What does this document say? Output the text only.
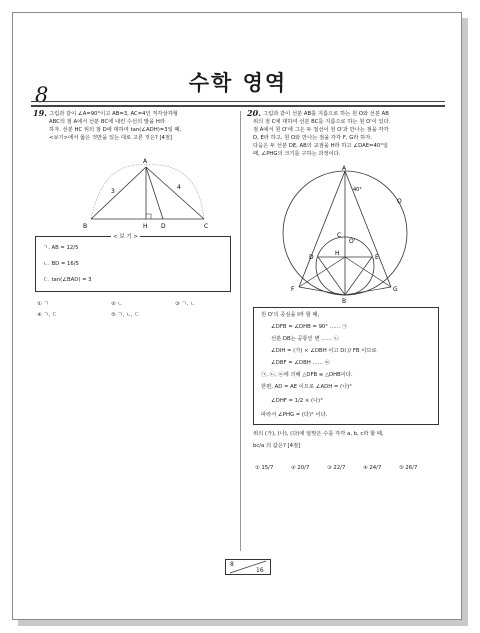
8	수학 영역
19. 그림과 같이 ∠A=90°이고 AB=3, AC=4인 직각삼각형
ABC의 점 A에서 선분 BC에 내린 수선의 발을 H라
하자. 선분 HC 위의 점 D에 대하여 tan(∠ADH)=3일 때,
<보기>에서 옳은 것만을 있는 대로 고른 것은? [4점]
A
B	H D	C
3
4
< 보 기 >
ㄱ. AB = 12/5
ㄴ. BD = 16/5
ㄷ. tan(∠BAD) = 3
① ㄱ	② ㄴ	③ ㄱ, ㄴ
④ ㄱ, ㄷ	⑤ ㄱ, ㄴ, ㄷ
20. 그림과 같이 선분 AB를 지름으로 하는 원 O와 선분 AB
위의 점 C에 대하여 선분 BC를 지름으로 하는 원 O'이 있다.
점 A에서 원 O'에 그은 두 접선이 원 O'과 만나는 점을 각각
D, E라 하고, 원 O와 만나는 점을 각각 F, G라 하자.
다음은 두 선분 DE, AB의 교점을 H라 하고 ∠DAE=40°일
때, ∠PHG의 크기를 구하는 과정이다.
A
40°
O
C
O'
D	E
H
F	G
B
원 O'의 중심을 I라 할 때,
∠DFB = ∠DHB = 90° …… ㉠
선분 DB는 공통인 변 …… ㉡
∠DIH = (가) × ∠DBH 이고 DI // FB 이므로
∠DBF = ∠DBH …… ㉢
㉠, ㉡, ㉢에 의해 △DFB ≡ △DHB이다.
한편, AD = AE 이므로 ∠ADH = (나)°
∠DHF = 1/2 × (나)°
따라서 ∠PHG = (다)° 이다.
위의 (가), (나), (다)에 알맞은 수를 각각 a, b, c라 할 때,
bc/a 의 값은? [4점]
① 15/7	② 20/7	③ 22/7	④ 24/7	⑤ 26/7
8
16
